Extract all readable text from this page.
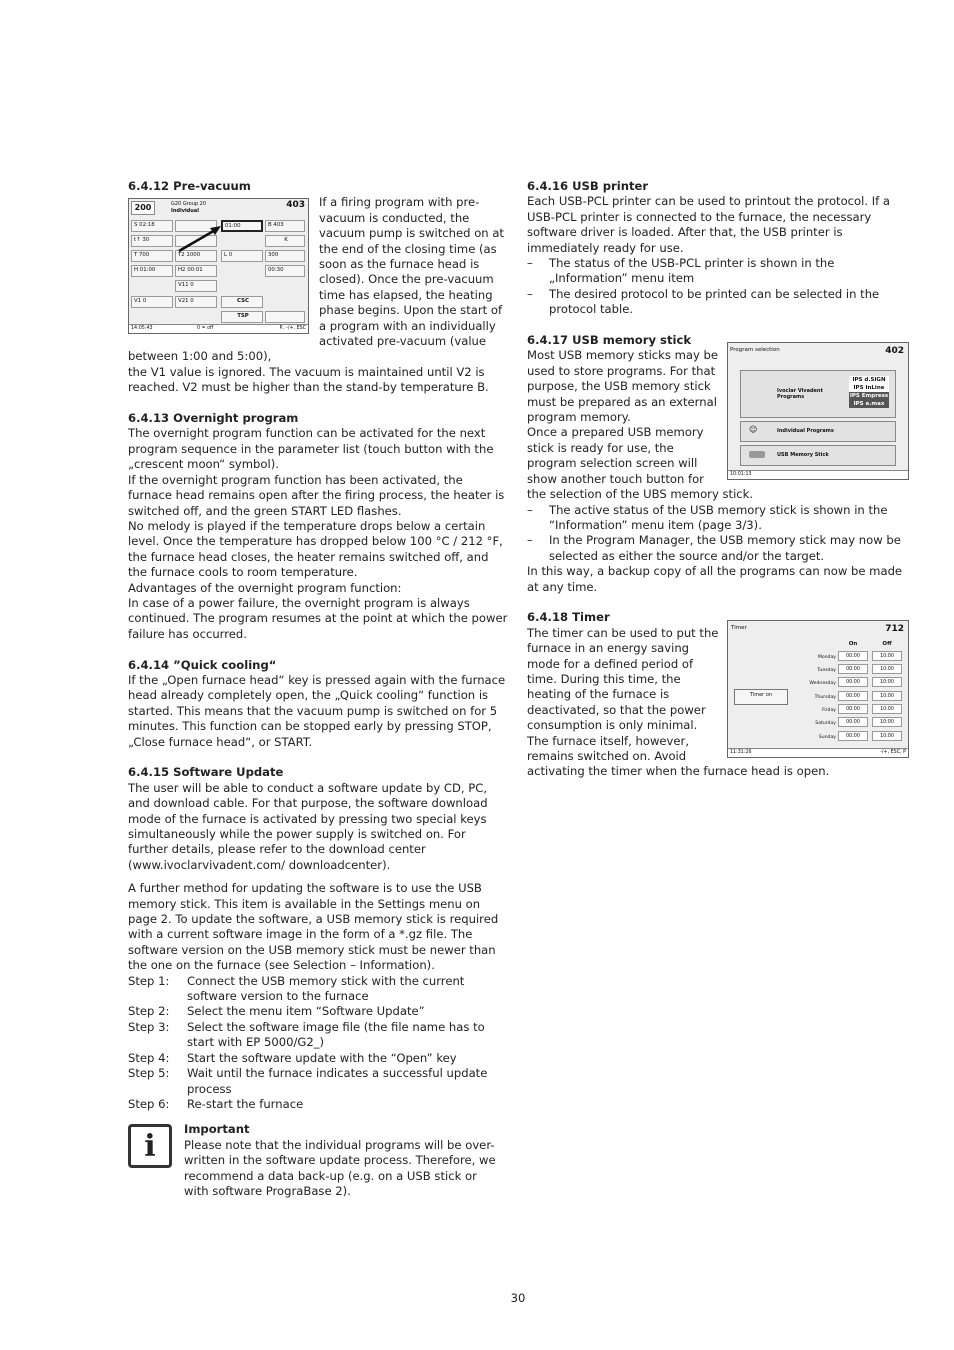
6.4.12 Pre-vacuum
200	G20 Group 20
Individual
403
S 02:18	01:00	B 403
t↑ 30	K
T 700	T2 1000	L 0	300
H 01:00	H2 00:01	00:30
V11 0
V1 0	V21 0	CSC
TSP
14:05:43	0 = off	P.. -/+, ESC

If a firing program with pre-vacuum is conducted, the vacuum pump is switched on at the end of the closing time (as soon as the furnace head is closed). Once the pre-vacuum time has elapsed, the heating phase begins. Upon the start of a program with an individually activated pre-vacuum (value between 1:00 and 5:00),

the V1 value is ignored. The vacuum is maintained until V2 is reached. V2 must be higher than the stand-by temperature B.

6.4.13 Overnight program

The overnight program function can be activated for the next program sequence in the parameter list (touch button with the „crescent moon“ symbol).

If the overnight program function has been activated, the furnace head remains open after the firing process, the heater is switched off, and the green START LED flashes.

No melody is played if the temperature drops below a certain level. Once the temperature has dropped below 100 °C / 212 °F, the furnace head closes, the heater remains switched off, and the furnace cools to room temperature.

Advantages of the overnight program function:

In case of a power failure, the overnight program is always continued. The program resumes at the point at which the power failure has occurred.

6.4.14 ”Quick cooling“

If the „Open furnace head“ key is pressed again with the furnace head already completely open, the „Quick cooling“ function is started. This means that the vacuum pump is switched on for 5 minutes. This function can be stopped early by pressing STOP, „Close furnace head“, or START.

6.4.15 Software Update

The user will be able to conduct a software update by CD, PC, and download cable. For that purpose, the software download mode of the furnace is activated by pressing two special keys simultaneously while the power supply is switched on. For further details, please refer to the download center (www.ivoclarvivadent.com/ downloadcenter).

A further method for updating the software is to use the USB memory stick. This item is available in the Settings menu on page 2. To update the software, a USB memory stick is required with a current software image in the form of a *.gz file. The software version on the USB memory stick must be newer than the one on the furnace (see Selection – Information).

Step 1:	Connect the USB memory stick with the current software version to the furnace
Step 2:	Select the menu item “Software Update”
Step 3:	Select the software image file (the file name has to start with EP 5000/G2_)
Step 4:	Start the software update with the “Open” key
Step 5:	Wait until the furnace indicates a successful update process
Step 6:	Re-start the furnace
i	Important

Please note that the individual programs will be over-written in the software update process. Therefore, we recommend a data back-up (e.g. on a USB stick or with software PrograBase 2).

6.4.16 USB printer

Each USB-PCL printer can be used to printout the protocol. If a USB-PCL printer is connected to the furnace, the necessary software driver is loaded. After that, the USB printer is immediately ready for use.

–	The status of the USB-PCL printer is shown in the „Information” menu item
–	The desired protocol to be printed can be selected in the protocol table.
6.4.17 USB memory stick
Program selection	402
Ivoclar Vivadent Programs
IPS d.SIGN
IPS InLine
IPS Empress
IPS e.max
☺	Individual Programs
USB Memory Stick
10:01:13

Most USB memory sticks may be used to store programs. For that purpose, the USB memory stick must be prepared as an external program memory.

Once a prepared USB memory stick is ready for use, the program selection screen will show another touch button for the selection of the UBS memory stick.

–	The active status of the USB memory stick is shown in the “Information” menu item (page 3/3).
–	In the Program Manager, the USB memory stick may now be selected as either the source and/or the target.

In this way, a backup copy of all the programs can now be made at any time.

6.4.18 Timer
Timer	712
On	Off
Monday	00:00	10:00
Tuesday	00:00	10:00
Wednesday	00:00	10:00
Thursday	00:00	10:00
Friday	00:00	10:00
Saturday	00:00	10:00
Sunday	00:00	10:00
Timer on
11:31:26	-/+, ESC, P

The timer can be used to put the furnace in an energy saving mode for a defined period of time. During this time, the heating of the furnace is deactivated, so that the power consumption is only minimal. The furnace itself, however, remains switched on. Avoid activating the timer when the furnace head is open.

30
